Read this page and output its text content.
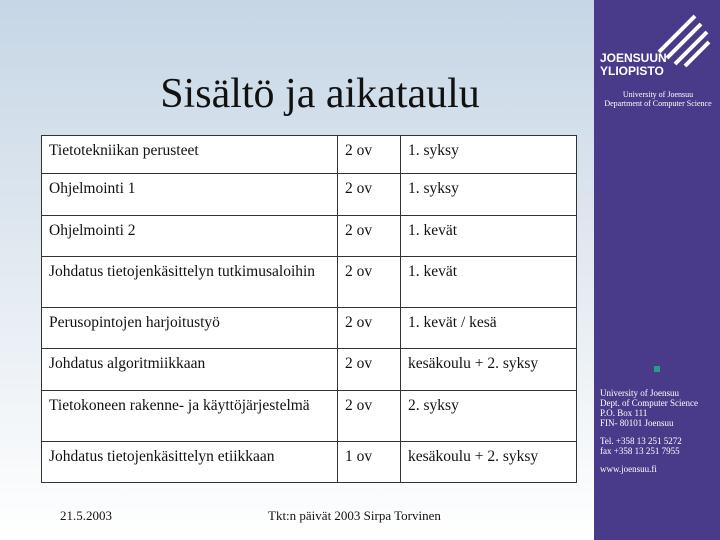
JOENSUUN
YLIOPISTO
University of Joensuu
Department of Computer Science
University of Joensuu
Dept. of Computer Science
P.O. Box 111
FIN- 80101 Joensuu
Tel. +358 13 251 5272
fax +358 13 251 7955
www.joensuu.fi
Sisältö ja aikataulu
Tietotekniikan perusteet	2 ov	1. syksy
Ohjelmointi 1	2 ov	1. syksy
Ohjelmointi 2	2 ov	1. kevät
Johdatus tietojenkäsittelyn tutkimusaloihin	2 ov	1. kevät
Perusopintojen harjoitustyö	2 ov	1. kevät / kesä
Johdatus algoritmiikkaan	2 ov	kesäkoulu + 2. syksy
Tietokoneen rakenne- ja käyttöjärjestelmä	2 ov	2. syksy
Johdatus tietojenkäsittelyn etiikkaan	1 ov	kesäkoulu + 2. syksy
21.5.2003	Tkt:n päivät 2003 Sirpa Torvinen
